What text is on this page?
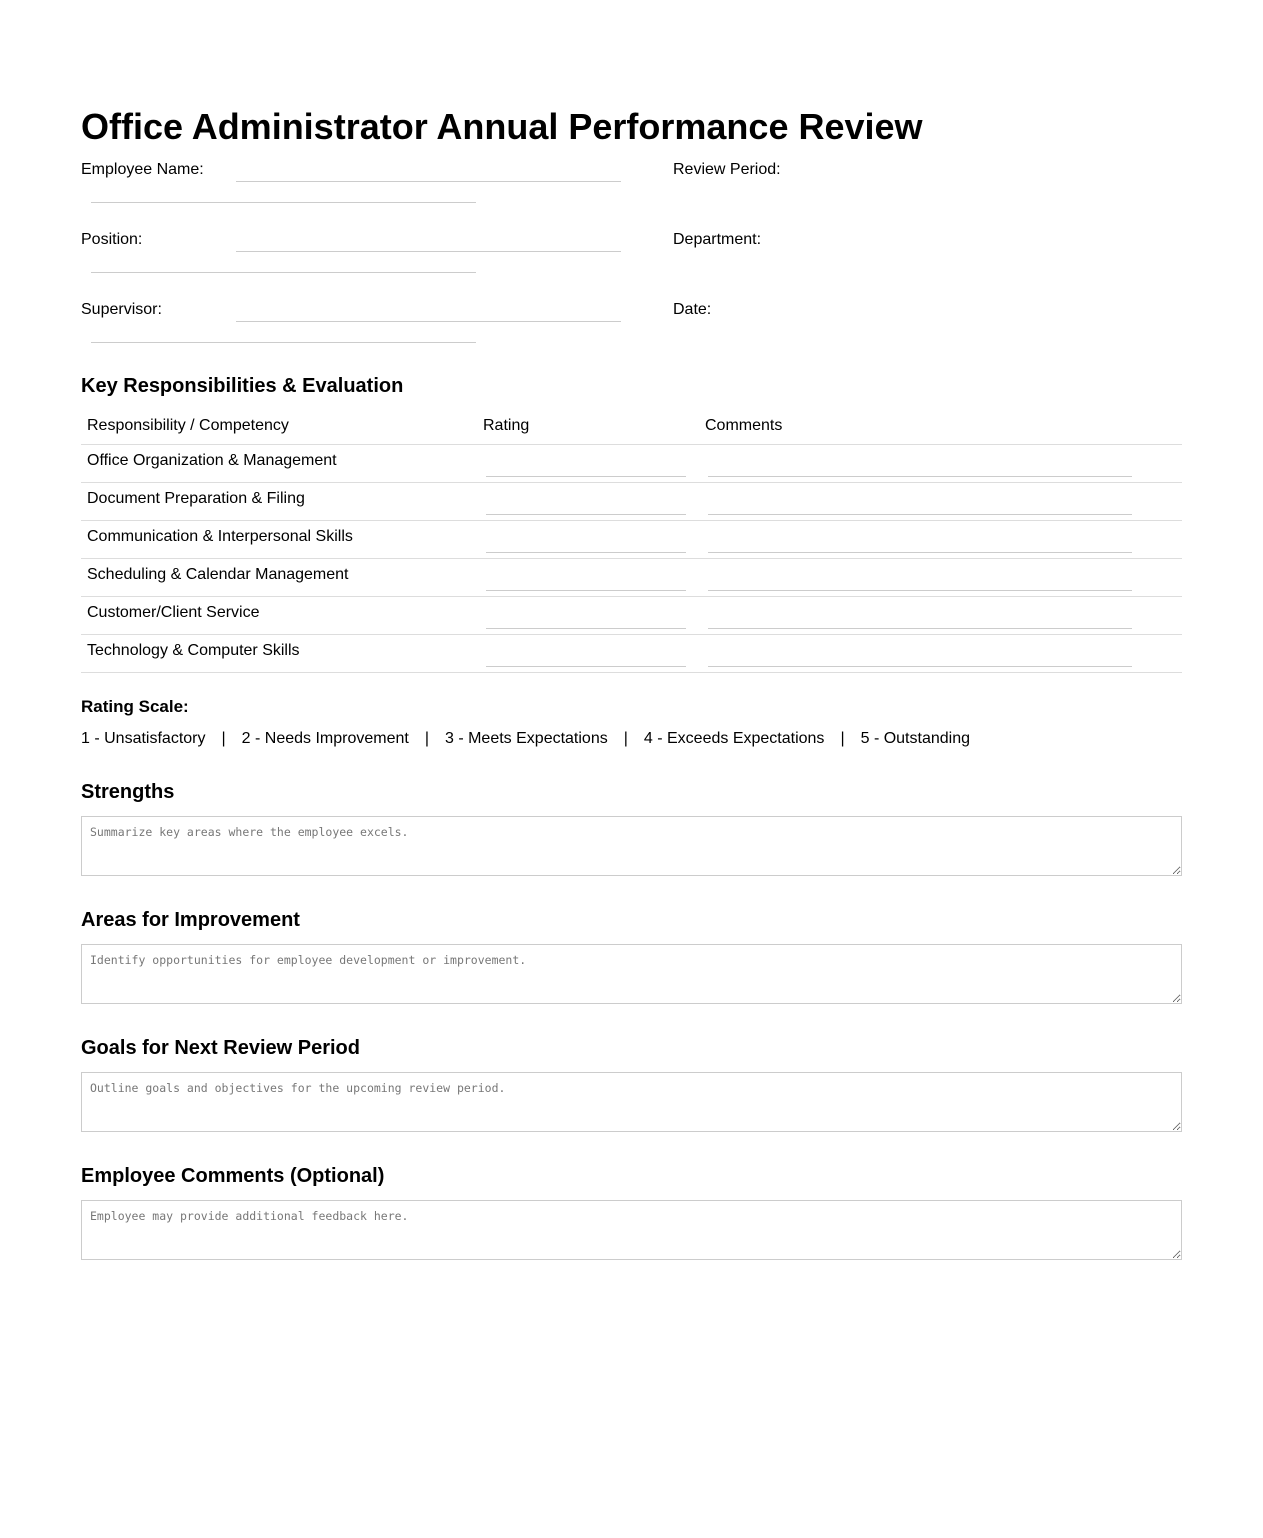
Office Administrator Annual Performance Review
Employee Name:	Review Period:
Position:	Department:
Supervisor:	Date:
Key Responsibilities & Evaluation
Responsibility / Competency	Rating	Comments
Office Organization & Management	

Document Preparation & Filing	

Communication & Interpersonal Skills	

Scheduling & Calendar Management	

Customer/Client Service	

Technology & Computer Skills	

Rating Scale:
1 - Unsatisfactory | 2 - Needs Improvement | 3 - Meets Expectations | 4 - Exceeds Expectations | 5 - Outstanding
Strengths
Summarize key areas where the employee excels.
Areas for Improvement
Identify opportunities for employee development or improvement.
Goals for Next Review Period
Outline goals and objectives for the upcoming review period.
Employee Comments (Optional)
Employee may provide additional feedback here.
